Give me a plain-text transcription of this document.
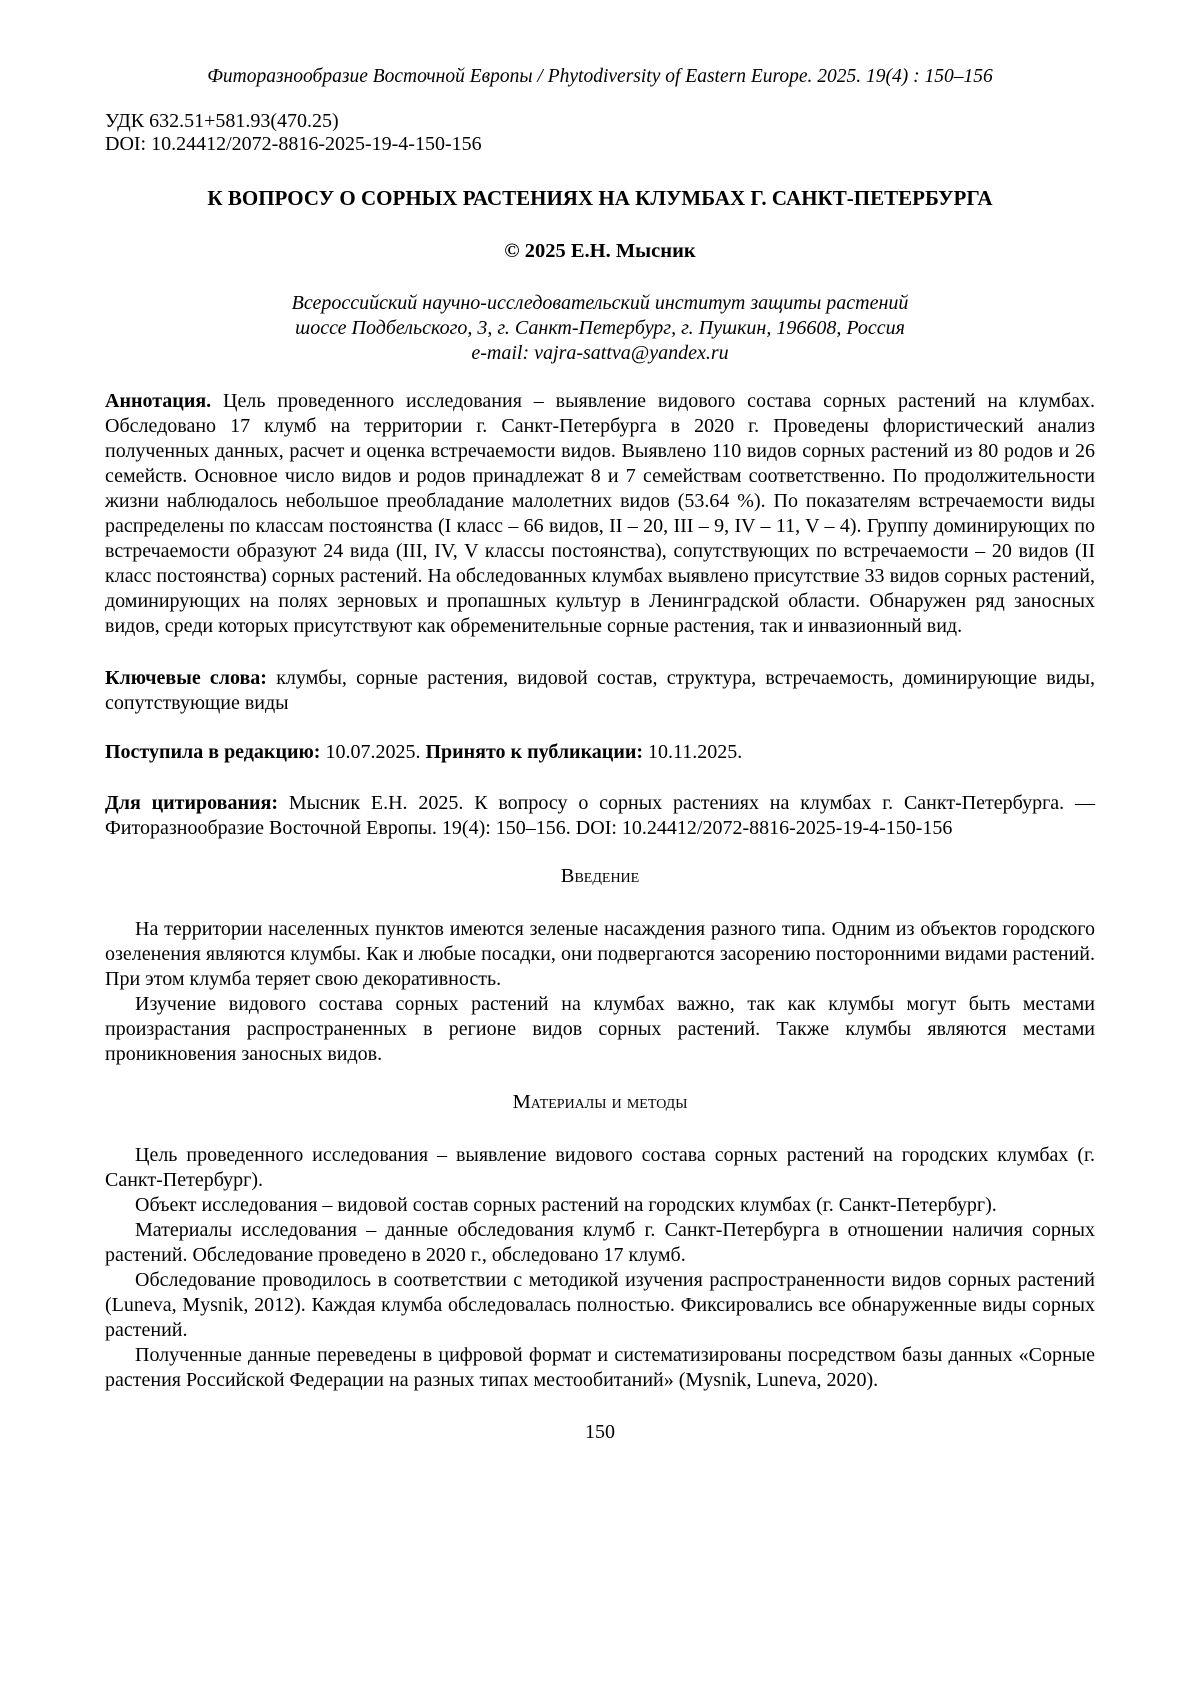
Фиторазнообразие Восточной Европы / Phytodiversity of Eastern Europe. 2025. 19(4) : 150–156
УДК 632.51+581.93(470.25)
DOI: 10.24412/2072-8816-2025-19-4-150-156
К ВОПРОСУ О СОРНЫХ РАСТЕНИЯХ НА КЛУМБАХ Г. САНКТ-ПЕТЕРБУРГА
© 2025 Е.Н. Мысник
Всероссийский научно-исследовательский институт защиты растений
шоссе Подбельского, 3, г. Санкт-Петербург, г. Пушкин, 196608, Россия
e-mail: vajra-sattva@yandex.ru

Аннотация. Цель проведенного исследования – выявление видового состава сорных растений на клумбах. Обследовано 17 клумб на территории г. Санкт-Петербурга в 2020 г. Проведены флористический анализ полученных данных, расчет и оценка встречаемости видов. Выявлено 110 видов сорных растений из 80 родов и 26 семейств. Основное число видов и родов принадлежат 8 и 7 семействам соответственно. По продолжительности жизни наблюдалось небольшое преобладание малолетних видов (53.64 %). По показателям встречаемости виды распределены по классам постоянства (I класс – 66 видов, II – 20, III – 9, IV – 11, V – 4). Группу доминирующих по встречаемости образуют 24 вида (III, IV, V классы постоянства), сопутствующих по встречаемости – 20 видов (II класс постоянства) сорных растений. На обследованных клумбах выявлено присутствие 33 видов сорных растений, доминирующих на полях зерновых и пропашных культур в Ленинградской области. Обнаружен ряд заносных видов, среди которых присутствуют как обременительные сорные растения, так и инвазионный вид.

Ключевые слова: клумбы, сорные растения, видовой состав, структура, встречаемость, доминирующие виды, сопутствующие виды

Поступила в редакцию: 10.07.2025. Принято к публикации: 10.11.2025.

Для цитирования: Мысник Е.Н. 2025. К вопросу о сорных растениях на клумбах г. Санкт-Петербурга. — Фиторазнообразие Восточной Европы. 19(4): 150–156. DOI: 10.24412/2072-8816-2025-19-4-150-156

Введение

На территории населенных пунктов имеются зеленые насаждения разного типа. Одним из объектов городского озеленения являются клумбы. Как и любые посадки, они подвергаются засорению посторонними видами растений. При этом клумба теряет свою декоративность.

Изучение видового состава сорных растений на клумбах важно, так как клумбы могут быть местами произрастания распространенных в регионе видов сорных растений. Также клумбы являются местами проникновения заносных видов.

Материалы и методы

Цель проведенного исследования – выявление видового состава сорных растений на городских клумбах (г. Санкт-Петербург).

Объект исследования – видовой состав сорных растений на городских клумбах (г. Санкт-Петербург).

Материалы исследования – данные обследования клумб г. Санкт-Петербурга в отношении наличия сорных растений. Обследование проведено в 2020 г., обследовано 17 клумб.

Обследование проводилось в соответствии с методикой изучения распространенности видов сорных растений (Luneva, Mysnik, 2012). Каждая клумба обследовалась полностью. Фиксировались все обнаруженные виды сорных растений.

Полученные данные переведены в цифровой формат и систематизированы посредством базы данных «Сорные растения Российской Федерации на разных типах местообитаний» (Mysnik, Luneva, 2020).

150
